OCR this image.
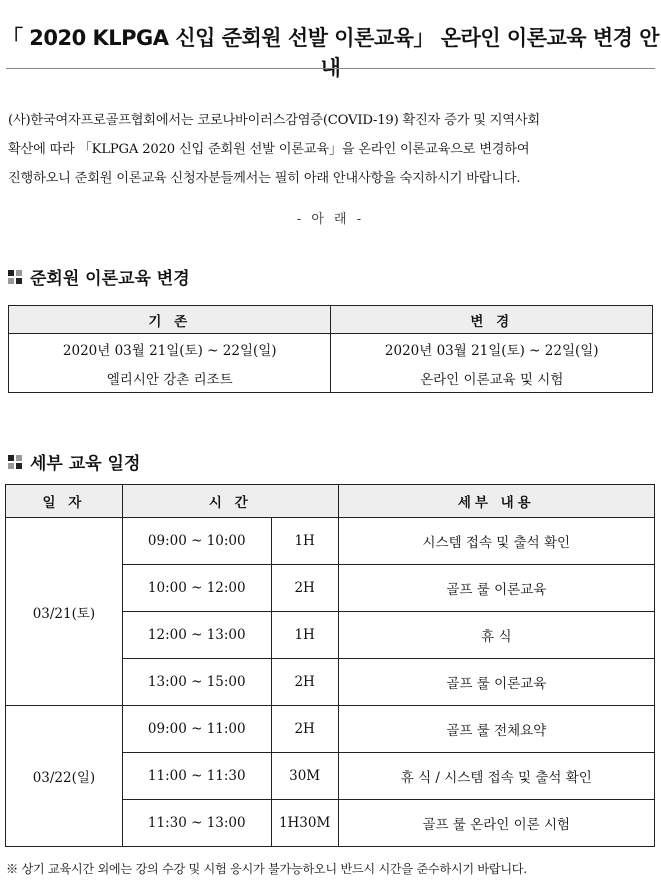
「 2020 KLPGA 신입 준회원 선발 이론교육」 온라인 이론교육 변경 안내

(사)한국여자프로골프협회에서는 코로나바이러스감염증(COVID-19) 확진자 증가 및 지역사회

확산에 따라 「KLPGA 2020 신입 준회원 선발 이론교육」을 온라인 이론교육으로 변경하여

진행하오니 준회원 이론교육 신청자분들께서는 필히 아래 안내사항을 숙지하시기 바랍니다.

- 아 래 -
준회원 이론교육 변경
기 존	변 경
2020년 03월 21일(토) ~ 22일(일)	2020년 03월 21일(토) ~ 22일(일)
엘리시안 강촌 리조트	온라인 이론교육 및 시험
세부 교육 일정
일 자	시 간		세부 내용
03/21(토)	09:00 ~ 10:00	1H	시스템 접속 및 출석 확인
	10:00 ~ 12:00	2H	골프 룰 이론교육
	12:00 ~ 13:00	1H	휴 식
	13:00 ~ 15:00	2H	골프 룰 이론교육
03/22(일)	09:00 ~ 11:00	2H	골프 룰 전체요약
	11:00 ~ 11:30	30M	휴 식 / 시스템 접속 및 출석 확인
	11:30 ~ 13:00	1H30M	골프 룰 온라인 이론 시험
※ 상기 교육시간 외에는 강의 수강 및 시험 응시가 불가능하오니 반드시 시간을 준수하시기 바랍니다.
